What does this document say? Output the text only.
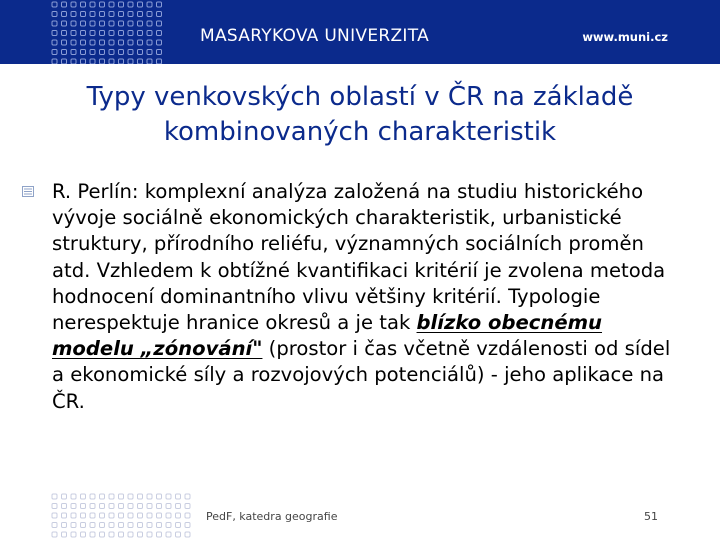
MASARYKOVA UNIVERZITA	www.muni.cz
Typy venkovských oblastí v ČR na základě
kombinovaných charakteristik
R. Perlín: komplexní analýza založená na studiu historického
vývoje sociálně ekonomických charakteristik, urbanistické
struktury, přírodního reliéfu, významných sociálních proměn
atd. Vzhledem k obtížné kvantifikaci kritérií je zvolena metoda
hodnocení dominantního vlivu většiny kritérií. Typologie
nerespektuje hranice okresů a je tak blízko obecnému
modelu „zónování" (prostor i čas včetně vzdálenosti od sídel
a ekonomické síly a rozvojových potenciálů) - jeho aplikace na
ČR.
PedF, katedra geografie	51
